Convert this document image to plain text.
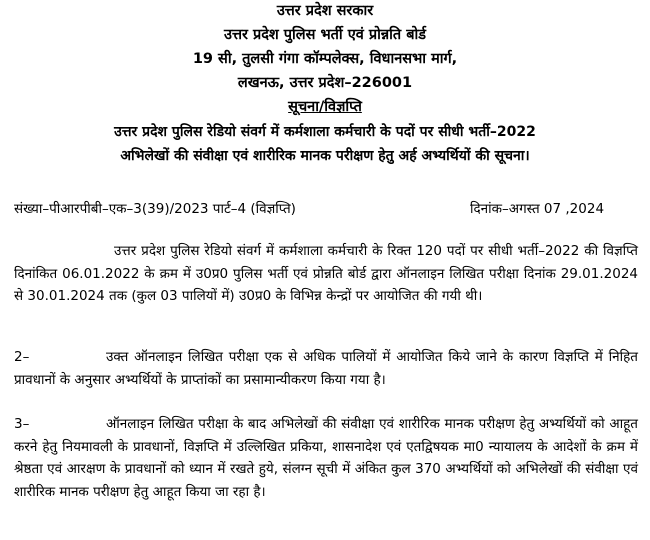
उत्तर प्रदेश सरकार
उत्तर प्रदेश पुलिस भर्ती एवं प्रोन्नति बोर्ड
19 सी, तुलसी गंगा कॉम्पलेक्स, विधानसभा मार्ग,
लखनऊ, उत्तर प्रदेश–226001
सूचना/विज्ञप्ति
उत्तर प्रदेश पुलिस रेडियो संवर्ग में कर्मशाला कर्मचारी के पदों पर सीधी भर्ती–2022
अभिलेखों की संवीक्षा एवं शारीरिक मानक परीक्षण हेतु अर्ह अभ्यर्थियों की सूचना।
संख्या–पीआरपीबी–एक–3(39)/2023 पार्ट–4 (विज्ञप्ति)	दिनांक–अगस्त 07 ,2024
उत्तर प्रदेश पुलिस रेडियो संवर्ग में कर्मशाला कर्मचारी के रिक्त 120 पदों पर सीधी भर्ती–2022 की विज्ञप्ति दिनांकित 06.01.2022 के क्रम में उ0प्र0 पुलिस भर्ती एवं प्रोन्नति बोर्ड द्वारा ऑनलाइन लिखित परीक्षा दिनांक 29.01.2024 से 30.01.2024 तक (कुल 03 पालियों में) उ0प्र0 के विभिन्न केन्द्रों पर आयोजित की गयी थी।
2–	उक्त ऑनलाइन लिखित परीक्षा एक से अधिक पालियों में आयोजित किये जाने के कारण विज्ञप्ति में निहित प्रावधानों के अनुसार अभ्यर्थियों के प्राप्तांकों का प्रसामान्यीकरण किया गया है।
3–	ऑनलाइन लिखित परीक्षा के बाद अभिलेखों की संवीक्षा एवं शारीरिक मानक परीक्षण हेतु अभ्यर्थियों को आहूत करने हेतु नियमावली के प्रावधानों, विज्ञप्ति में उल्लिखित प्रकिया, शासनादेश एवं एतद्विषयक मा0 न्यायालय के आदेशों के क्रम में श्रेष्ठता एवं आरक्षण के प्रावधानों को ध्यान में रखते हुये, संलग्न सूची में अंकित कुल 370 अभ्यर्थियों को अभिलेखों की संवीक्षा एवं शारीरिक मानक परीक्षण हेतु आहूत किया जा रहा है।
